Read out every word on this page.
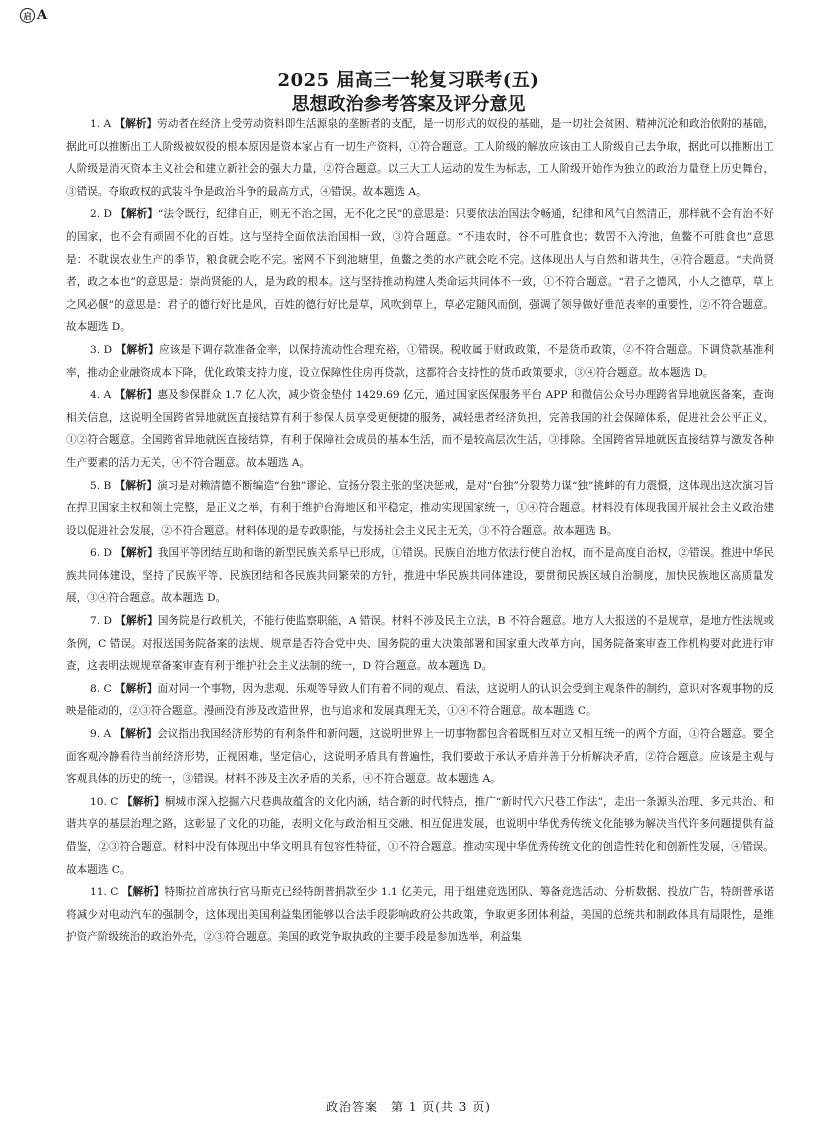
启 A
2025 届高三一轮复习联考(五)
思想政治参考答案及评分意见

1. A 【解析】劳动者在经济上受劳动资料即生活源泉的垄断者的支配，是一切形式的奴役的基础，是一切社会贫困、精神沉沦和政治依附的基础，据此可以推断出工人阶级被奴役的根本原因是资本家占有一切生产资料，①符合题意。工人阶级的解放应该由工人阶级自己去争取，据此可以推断出工人阶级是消灭资本主义社会和建立新社会的强大力量，②符合题意。以三大工人运动的发生为标志，工人阶级开始作为独立的政治力量登上历史舞台，③错误。夺取政权的武装斗争是政治斗争的最高方式，④错误。故本题选 A。

2. D 【解析】“法令既行，纪律自正，则无不治之国，无不化之民”的意思是：只要依法治国法令畅通，纪律和风气自然清正，那样就不会有治不好的国家，也不会有顽固不化的百姓。这与坚持全面依法治国相一致，③符合题意。“不违农时，谷不可胜食也；数罟不入洿池，鱼鳖不可胜食也”意思是：不耽误农业生产的季节，粮食就会吃不完。密网不下到池塘里，鱼鳖之类的水产就会吃不完。这体现出人与自然和谐共生，④符合题意。“夫尚贤者，政之本也”的意思是：崇尚贤能的人，是为政的根本。这与坚持推动构建人类命运共同体不一致，①不符合题意。“君子之德风，小人之德草，草上之风必偃”的意思是：君子的德行好比是风，百姓的德行好比是草，风吹到草上，草必定随风而倒，强调了领导做好垂范表率的重要性，②不符合题意。故本题选 D。

3. D 【解析】应该是下调存款准备金率，以保持流动性合理充裕，①错误。税收属于财政政策，不是货币政策，②不符合题意。下调贷款基准利率，推动企业融资成本下降，优化政策支持力度，设立保障性住房再贷款，这都符合支持性的货币政策要求，③④符合题意。故本题选 D。

4. A 【解析】惠及参保群众 1.7 亿人次，减少资金垫付 1429.69 亿元，通过国家医保服务平台 APP 和微信公众号办理跨省异地就医备案，查询相关信息，这说明全国跨省异地就医直接结算有利于参保人员享受更便捷的服务，减轻患者经济负担，完善我国的社会保障体系，促进社会公平正义，①②符合题意。全国跨省异地就医直接结算，有利于保障社会成员的基本生活，而不是较高层次生活，③排除。全国跨省异地就医直接结算与激发各种生产要素的活力无关，④不符合题意。故本题选 A。

5. B 【解析】演习是对赖清德不断编造“台独”谬论、宣扬分裂主张的坚决惩戒，是对“台独”分裂势力谋“独”挑衅的有力震慑，这体现出这次演习旨在捍卫国家主权和领土完整，是正义之举，有利于维护台海地区和平稳定，推动实现国家统一，①④符合题意。材料没有体现我国开展社会主义政治建设以促进社会发展，②不符合题意。材料体现的是专政职能，与发扬社会主义民主无关，③不符合题意。故本题选 B。

6. D 【解析】我国平等团结互助和谐的新型民族关系早已形成，①错误。民族自治地方依法行使自治权，而不是高度自治权，②错误。推进中华民族共同体建设，坚持了民族平等、民族团结和各民族共同繁荣的方针，推进中华民族共同体建设，要贯彻民族区域自治制度，加快民族地区高质量发展，③④符合题意。故本题选 D。

7. D 【解析】国务院是行政机关，不能行使监察职能，A 错误。材料不涉及民主立法，B 不符合题意。地方人大报送的不是规章，是地方性法规或条例，C 错误。对报送国务院备案的法规、规章是否符合党中央、国务院的重大决策部署和国家重大改革方向，国务院备案审查工作机构要对此进行审查，这表明法规规章备案审查有利于维护社会主义法制的统一，D 符合题意。故本题选 D。

8. C 【解析】面对同一个事物，因为悲观、乐观等导致人们有着不同的观点、看法，这说明人的认识会受到主观条件的制约，意识对客观事物的反映是能动的，②③符合题意。漫画没有涉及改造世界，也与追求和发展真理无关，①④不符合题意。故本题选 C。

9. A 【解析】会议指出我国经济形势的有利条件和新问题，这说明世界上一切事物都包含着既相互对立又相互统一的两个方面，①符合题意。要全面客观冷静看待当前经济形势，正视困难，坚定信心，这说明矛盾具有普遍性，我们要敢于承认矛盾并善于分析解决矛盾，②符合题意。应该是主观与客观具体的历史的统一，③错误。材料不涉及主次矛盾的关系，④不符合题意。故本题选 A。

10. C 【解析】桐城市深入挖掘六尺巷典故蕴含的文化内涵，结合新的时代特点，推广“新时代六尺巷工作法”，走出一条源头治理、多元共治、和谐共享的基层治理之路，这彰显了文化的功能，表明文化与政治相互交融、相互促进发展，也说明中华优秀传统文化能够为解决当代许多问题提供有益借鉴，②③符合题意。材料中没有体现出中华文明具有包容性特征，①不符合题意。推动实现中华优秀传统文化的创造性转化和创新性发展，④错误。故本题选 C。

11. C 【解析】特斯拉首席执行官马斯克已经特朗普捐款至少 1.1 亿美元，用于组建竞选团队、筹备竞选活动、分析数据、投放广告，特朗普承诺将减少对电动汽车的强制令，这体现出美国利益集团能够以合法手段影响政府公共政策，争取更多团体利益，美国的总统共和制政体具有局限性，是维护资产阶级统治的政治外壳，②③符合题意。美国的政党争取执政的主要手段是参加选举，利益集

政治答案　第 1 页(共 3 页)
